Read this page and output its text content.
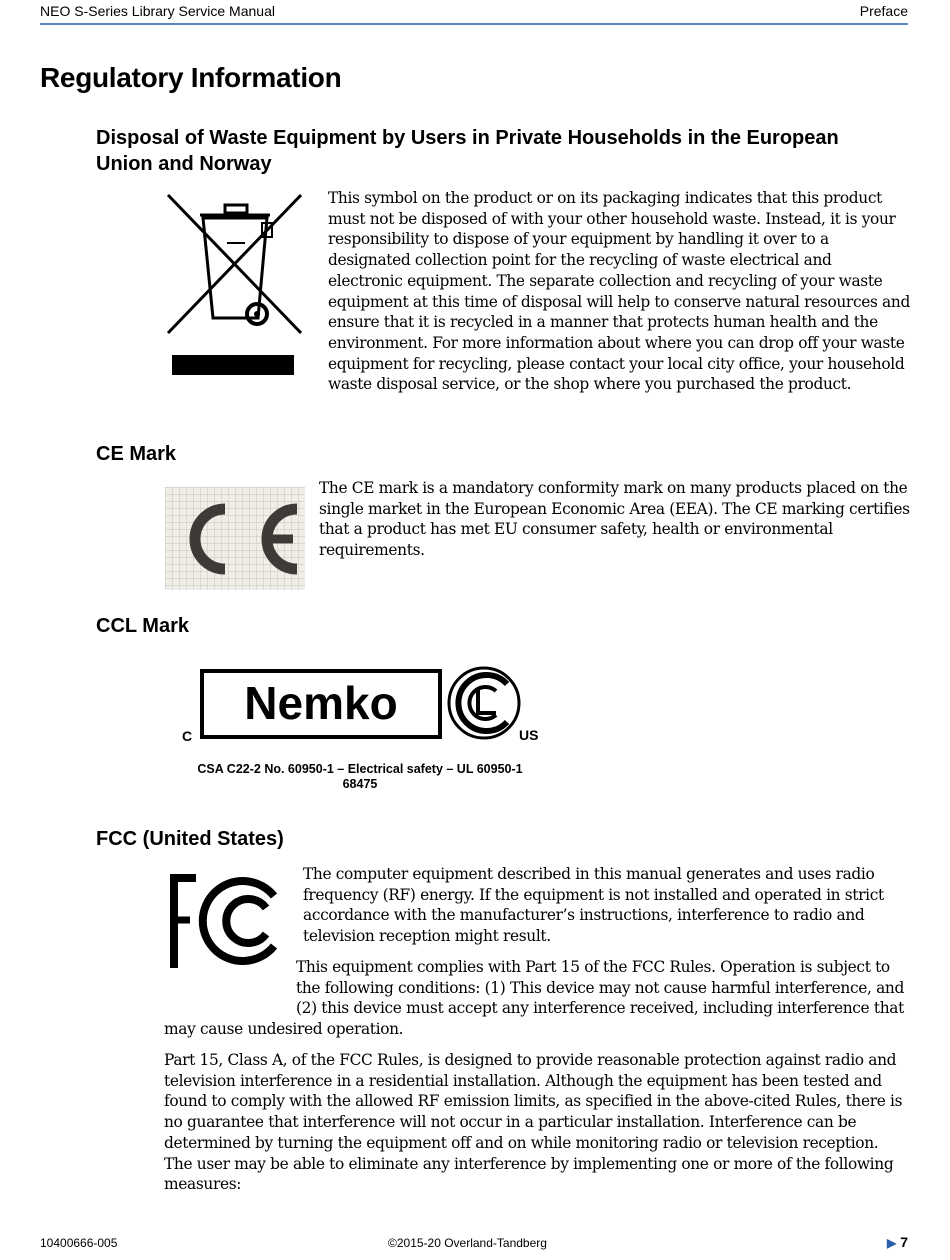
NEO S-Series Library Service Manual	Preface
Regulatory Information
Disposal of Waste Equipment by Users in Private Households in the European
Union and Norway

This symbol on the product or on its packaging indicates that this product must not be disposed of with your other household waste. Instead, it is your responsibility to dispose of your equipment by handling it over to a designated collection point for the recycling of waste electrical and electronic equipment. The separate collection and recycling of your waste equipment at this time of disposal will help to conserve natural resources and ensure that it is recycled in a manner that protects human health and the environment. For more information about where you can drop off your waste equipment for recycling, please contact your local city office, your household waste disposal service, or the shop where you purchased the product.

CE Mark

The CE mark is a mandatory conformity mark on many products placed on the single market in the European Economic Area (EEA). The CE marking certifies that a product has met EU consumer safety, health or environmental requirements.

CCL Mark
Nemko
C	US
CSA C22-2 No. 60950-1 – Electrical safety – UL 60950-1
68475
FCC (United States)

The computer equipment described in this manual generates and uses radio frequency (RF) energy. If the equipment is not installed and operated in strict accordance with the manufacturer’s instructions, interference to radio and television reception might result.

This equipment complies with Part 15 of the FCC Rules. Operation is subject to the following conditions: (1) This device may not cause harmful interference, and (2) this device must accept any interference received, including interference that may cause undesired operation.

Part 15, Class A, of the FCC Rules, is designed to provide reasonable protection against radio and television interference in a residential installation. Although the equipment has been tested and found to comply with the allowed RF emission limits, as specified in the above-cited Rules, there is no guarantee that interference will not occur in a particular installation. Interference can be determined by turning the equipment off and on while monitoring radio or television reception. The user may be able to eliminate any interference by implementing one or more of the following measures:

10400666-005	©2015-20 Overland-Tandberg	▶ 7
